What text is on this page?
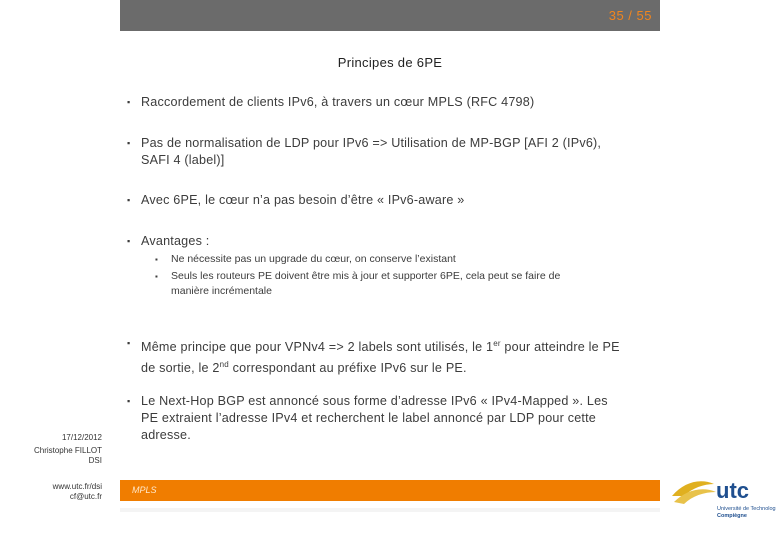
35 / 55
Principes de 6PE
▪ Raccordement de clients IPv6, à travers un cœur MPLS (RFC 4798)
▪ Pas de normalisation de LDP pour IPv6 => Utilisation de MP-BGP [AFI 2 (IPv6),
SAFI 4 (label)]
▪ Avec 6PE, le cœur n’a pas besoin d’être « IPv6-aware »
▪ Avantages :
▪ Ne nécessite pas un upgrade du cœur, on conserve l’existant
▪ Seuls les routeurs PE doivent être mis à jour et supporter 6PE, cela peut se faire de
manière incrémentale
▪ Même principe que pour VPNv4 => 2 labels sont utilisés, le 1er pour atteindre le PE
de sortie, le 2nd correspondant au préfixe IPv6 sur le PE.
▪ Le Next-Hop BGP est annoncé sous forme d’adresse IPv6 « IPv4-Mapped ». Les
PE extraient l’adresse IPv4 et recherchent le label annoncé par LDP pour cette
adresse.
17/12/2012
Christophe FILLOT
DSI
www.utc.fr/dsi
cf@utc.fr
MPLS	utc
Université de Technologie
Compiègne
